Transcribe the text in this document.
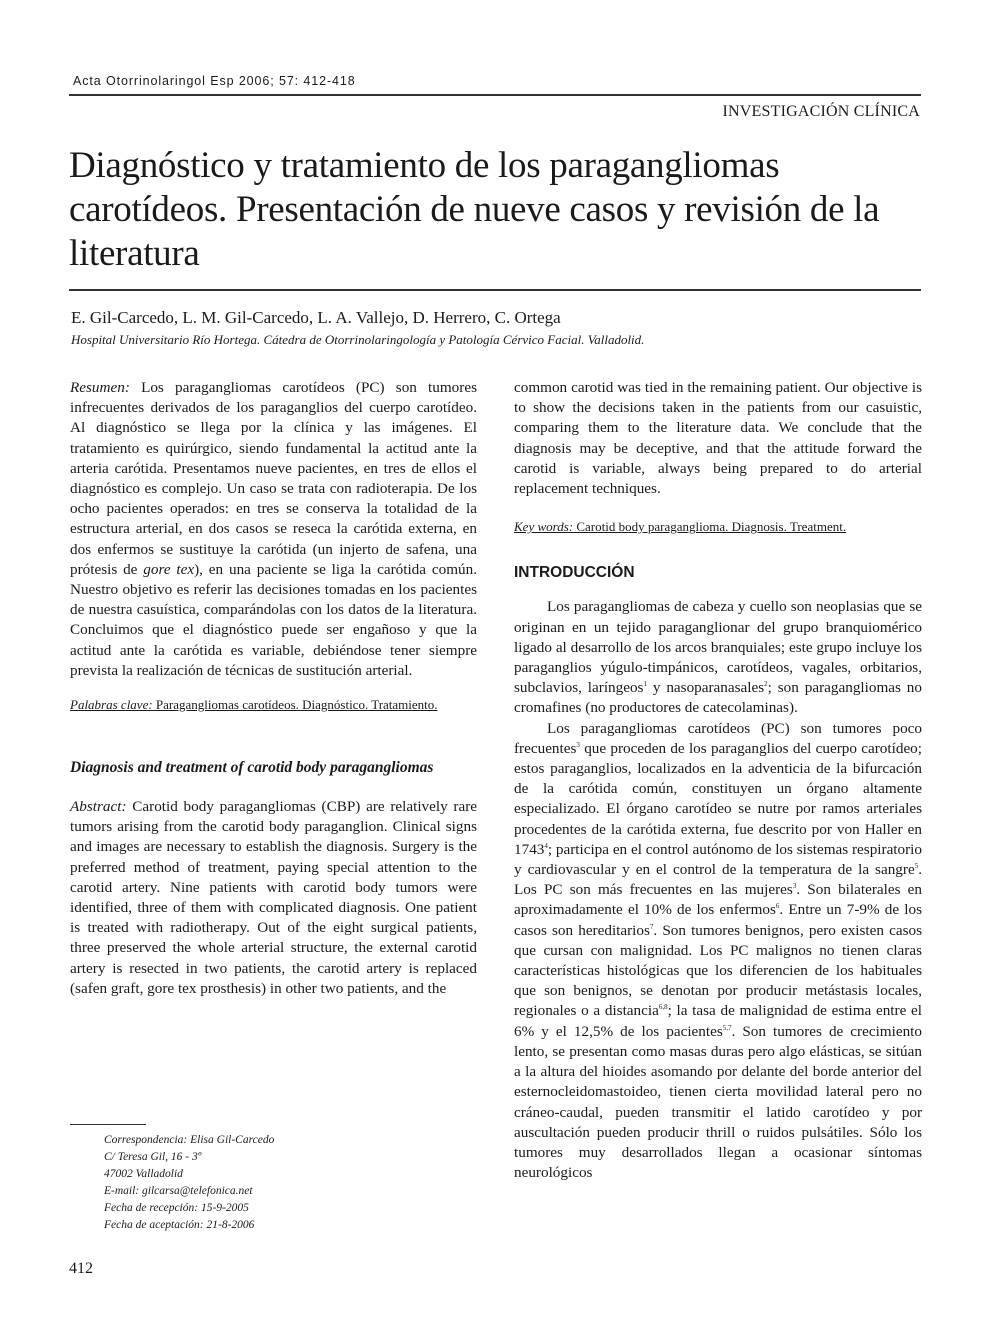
Acta Otorrinolaringol Esp 2006; 57: 412-418

INVESTIGACIÓN CLÍNICA

Diagnóstico y tratamiento de los paragangliomas carotídeos. Presentación de nueve casos y revisión de la literatura

E. Gil-Carcedo, L. M. Gil-Carcedo, L. A. Vallejo, D. Herrero, C. Ortega

Hospital Universitario Río Hortega. Cátedra de Otorrinolaringología y Patología Cérvico Facial. Valladolid.

Resumen: Los paragangliomas carotídeos (PC) son tumores infrecuentes derivados de los paraganglios del cuerpo carotídeo. Al diagnóstico se llega por la clínica y las imágenes. El tratamiento es quirúrgico, siendo fundamental la actitud ante la arteria carótida. Presentamos nueve pacientes, en tres de ellos el diagnóstico es complejo. Un caso se trata con radioterapia. De los ocho pacientes operados: en tres se conserva la totalidad de la estructura arterial, en dos casos se reseca la carótida externa, en dos enfermos se sustituye la carótida (un injerto de safena, una prótesis de gore tex), en una paciente se liga la carótida común. Nuestro objetivo es referir las decisiones tomadas en los pacientes de nuestra casuística, comparándolas con los datos de la literatura. Concluimos que el diagnóstico puede ser engañoso y que la actitud ante la carótida es variable, debiéndose tener siempre prevista la realización de técnicas de sustitución arterial.

Palabras clave: Paragangliomas carotídeos. Diagnóstico. Tratamiento.

Diagnosis and treatment of carotid body paragangliomas

Abstract: Carotid body paragangliomas (CBP) are relatively rare tumors arising from the carotid body paraganglion. Clinical signs and images are necessary to establish the diagnosis. Surgery is the preferred method of treatment, paying special attention to the carotid artery. Nine patients with carotid body tumors were identified, three of them with complicated diagnosis. One patient is treated with radiotherapy. Out of the eight surgical patients, three preserved the whole arterial structure, the external carotid artery is resected in two patients, the carotid artery is replaced (safen graft, gore tex prosthesis) in other two patients, and the

common carotid was tied in the remaining patient. Our objective is to show the decisions taken in the patients from our casuistic, comparing them to the literature data. We conclude that the diagnosis may be deceptive, and that the attitude forward the carotid is variable, always being prepared to do arterial replacement techniques.

Key words: Carotid body paraganglioma. Diagnosis. Treatment.

INTRODUCCIÓN

Los paragangliomas de cabeza y cuello son neoplasias que se originan en un tejido paraganglionar del grupo branquiomérico ligado al desarrollo de los arcos branquiales; este grupo incluye los paraganglios yúgulo-timpánicos, carotídeos, vagales, orbitarios, subclavios, laríngeos$^1$ y nasoparanasales$^2$; son paragangliomas no cromafines (no productores de catecolaminas).

Los paragangliomas carotídeos (PC) son tumores poco frecuentes$^3$ que proceden de los paraganglios del cuerpo carotídeo; estos paraganglios, localizados en la adventicia de la bifurcación de la carótida común, constituyen un órgano altamente especializado. El órgano carotídeo se nutre por ramos arteriales procedentes de la carótida externa, fue descrito por von Haller en 1743$^4$; participa en el control autónomo de los sistemas respiratorio y cardiovascular y en el control de la temperatura de la sangre$^5$. Los PC son más frecuentes en las mujeres$^3$. Son bilaterales en aproximadamente el 10% de los enfermos$^6$. Entre un 7-9% de los casos son hereditarios$^7$. Son tumores benignos, pero existen casos que cursan con malignidad. Los PC malignos no tienen claras características histológicas que los diferencien de los habituales que son benignos, se denotan por producir metástasis locales, regionales o a distancia$^{6,8}$; la tasa de malignidad de estima entre el 6% y el 12,5% de los pacientes$^{5,7}$. Son tumores de crecimiento lento, se presentan como masas duras pero algo elásticas, se sitúan a la altura del hioides asomando por delante del borde anterior del esternocleidomastoideo, tienen cierta movilidad lateral pero no cráneo-caudal, pueden transmitir el latido carotídeo y por auscultación pueden producir thrill o ruidos pulsátiles. Sólo los tumores muy desarrollados llegan a ocasionar síntomas neurológicos

Correspondencia: Elisa Gil-Carcedo
C/ Teresa Gil, 16 - 3º
47002 Valladolid
E-mail: gilcarsa@telefonica.net
Fecha de recepción: 15-9-2005
Fecha de aceptación: 21-8-2006

412
